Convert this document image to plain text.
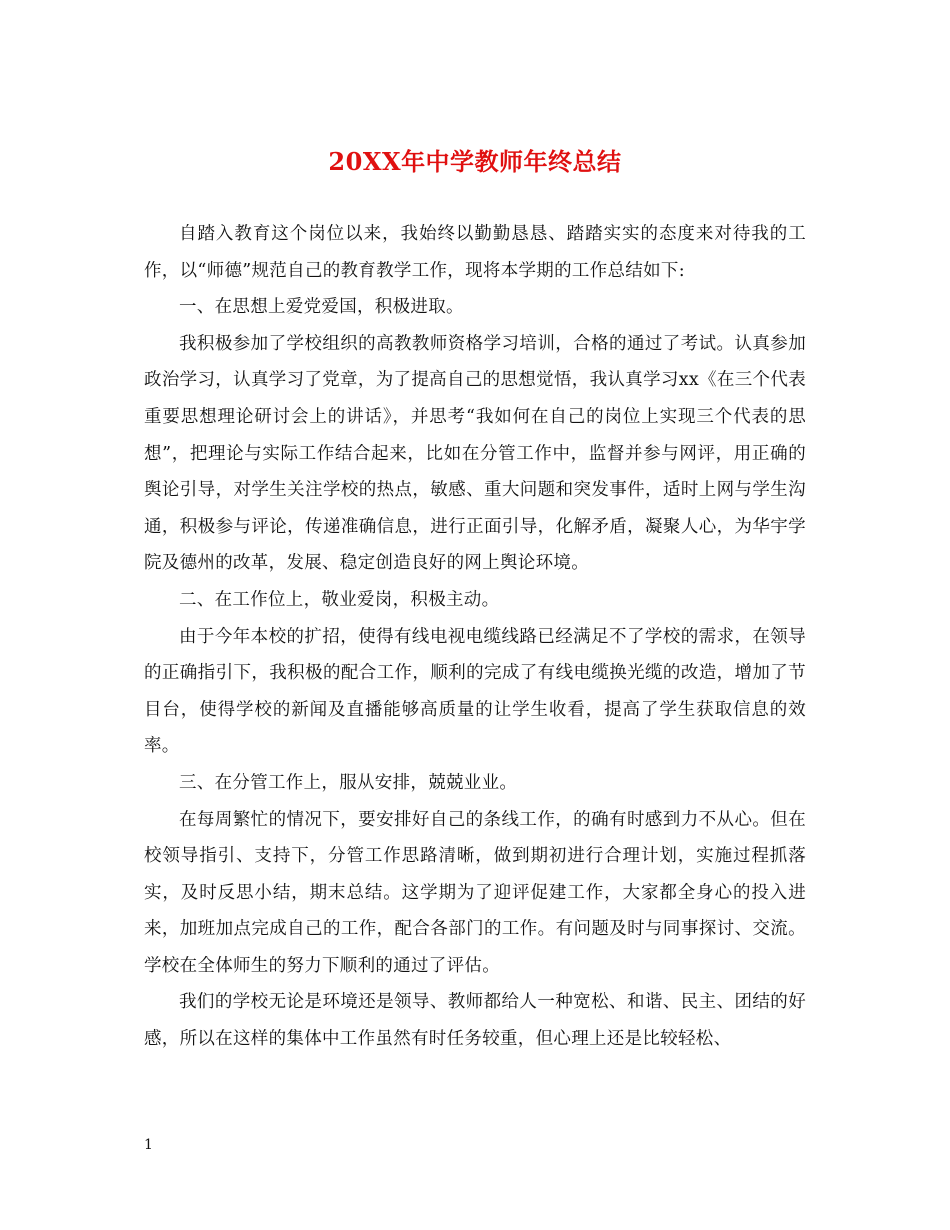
20XX年中学教师年终总结

自踏入教育这个岗位以来，我始终以勤勤恳恳、踏踏实实的态度来对待我的工作，以“师德”规范自己的教育教学工作，现将本学期的工作总结如下:

一、在思想上爱党爱国，积极进取。

我积极参加了学校组织的高教教师资格学习培训，合格的通过了考试。认真参加政治学习，认真学习了党章，为了提高自己的思想觉悟，我认真学习xx《在三个代表重要思想理论研讨会上的讲话》，并思考“我如何在自己的岗位上实现三个代表的思想”，把理论与实际工作结合起来，比如在分管工作中，监督并参与网评，用正确的舆论引导，对学生关注学校的热点，敏感、重大问题和突发事件，适时上网与学生沟通，积极参与评论，传递准确信息，进行正面引导，化解矛盾，凝聚人心，为华宇学院及德州的改革，发展、稳定创造良好的网上舆论环境。

二、在工作位上，敬业爱岗，积极主动。

由于今年本校的扩招，使得有线电视电缆线路已经满足不了学校的需求，在领导的正确指引下，我积极的配合工作，顺利的完成了有线电缆换光缆的改造，增加了节目台，使得学校的新闻及直播能够高质量的让学生收看，提高了学生获取信息的效率。

三、在分管工作上，服从安排，兢兢业业。

在每周繁忙的情况下，要安排好自己的条线工作，的确有时感到力不从心。但在校领导指引、支持下，分管工作思路清晰，做到期初进行合理计划，实施过程抓落实，及时反思小结，期末总结。这学期为了迎评促建工作，大家都全身心的投入进来，加班加点完成自己的工作，配合各部门的工作。有问题及时与同事探讨、交流。学校在全体师生的努力下顺利的通过了评估。

我们的学校无论是环境还是领导、教师都给人一种宽松、和谐、民主、团结的好感，所以在这样的集体中工作虽然有时任务较重，但心理上还是比较轻松、

1
